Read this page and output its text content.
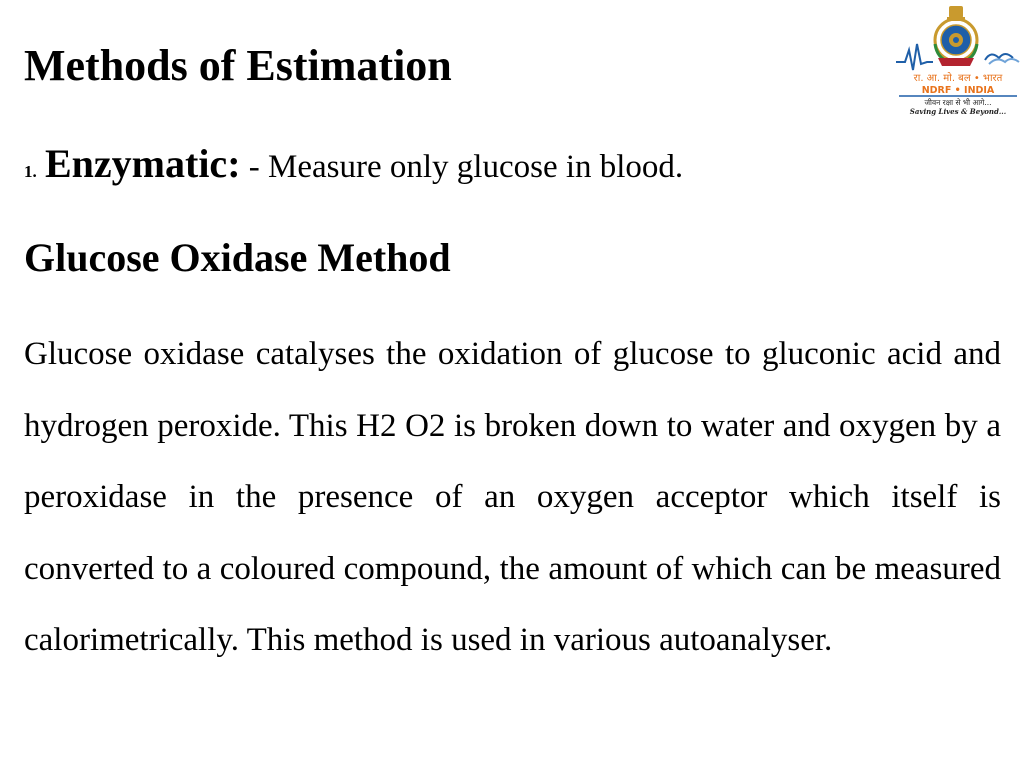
Methods of Estimation

1. Enzymatic: - Measure only glucose in blood.

Glucose Oxidase Method

Glucose oxidase catalyses the oxidation of glucose to gluconic acid and hydrogen peroxide. This H2 O2 is broken down to water and oxygen by a peroxidase in the presence of an oxygen acceptor which itself is converted to a coloured compound, the amount of which can be measured calorimetrically. This method is used in various autoanalyser.

रा. आ. मो. बल • भारत
NDRF • INDIA
जीवन रक्षा से भी आगे...
Saving Lives & Beyond...
